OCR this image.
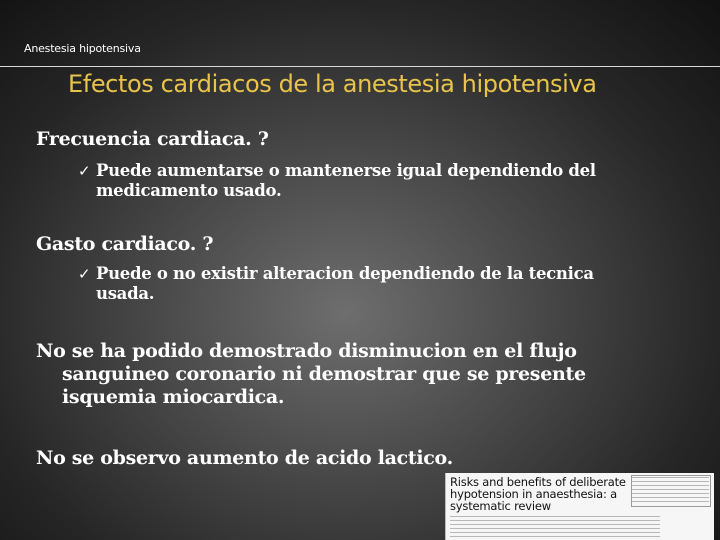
Anestesia hipotensiva
Efectos cardiacos de la anestesia hipotensiva
Frecuencia cardiaca. ?
✓ Puede aumentarse o mantenerse igual dependiendo del
medicamento usado.
Gasto cardiaco. ?
✓ Puede o no existir alteracion dependiendo de la tecnica
usada.
No se ha podido demostrado disminucion en el flujo
sanguineo coronario ni demostrar que se presente
isquemia miocardica.
No se observo aumento de acido lactico.
Risks and benefits of deliberate hypotension in anaesthesia: a systematic review
